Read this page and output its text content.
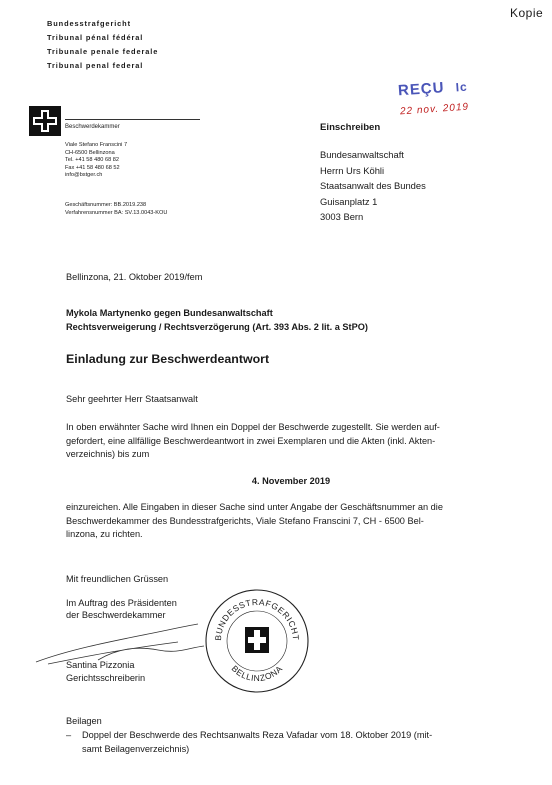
Kopie
Bundesstrafgericht
Tribunal pénal fédéral
Tribunale penale federale
Tribunal penal federal
REÇU Ic
22 nov. 2019
Beschwerdekammer
Viale Stefano Franscini 7
CH-6500 Bellinzona
Tel. +41 58 480 68 82
Fax +41 58 480 68 52
info@bstger.ch
Geschäftsnummer: BB.2019.238
Verfahrensnummer BA: SV.13.0043-KOU
Einschreiben
Bundesanwaltschaft
Herrn Urs Köhli
Staatsanwalt des Bundes
Guisanplatz 1
3003 Bern
Bellinzona, 21. Oktober 2019/fem
Mykola Martynenko gegen Bundesanwaltschaft
Rechtsverweigerung / Rechtsverzögerung (Art. 393 Abs. 2 lit. a StPO)
Einladung zur Beschwerdeantwort
Sehr geehrter Herr Staatsanwalt
In oben erwähnter Sache wird Ihnen ein Doppel der Beschwerde zugestellt. Sie werden auf-
gefordert, eine allfällige Beschwerdeantwort in zwei Exemplaren und die Akten (inkl. Akten-
verzeichnis) bis zum
4. November 2019
einzureichen. Alle Eingaben in dieser Sache sind unter Angabe der Geschäftsnummer an die
Beschwerdekammer des Bundesstrafgerichts, Viale Stefano Franscini 7, CH - 6500 Bel-
linzona, zu richten.
Mit freundlichen Grüssen
Im Auftrag des Präsidenten
der Beschwerdekammer
Santina Pizzonia
Gerichtsschreiberin
BUNDESSTRAFGERICHT
BELLINZONA
Beilagen
– Doppel der Beschwerde des Rechtsanwalts Reza Vafadar vom 18. Oktober 2019 (mit-
samt Beilagenverzeichnis)
